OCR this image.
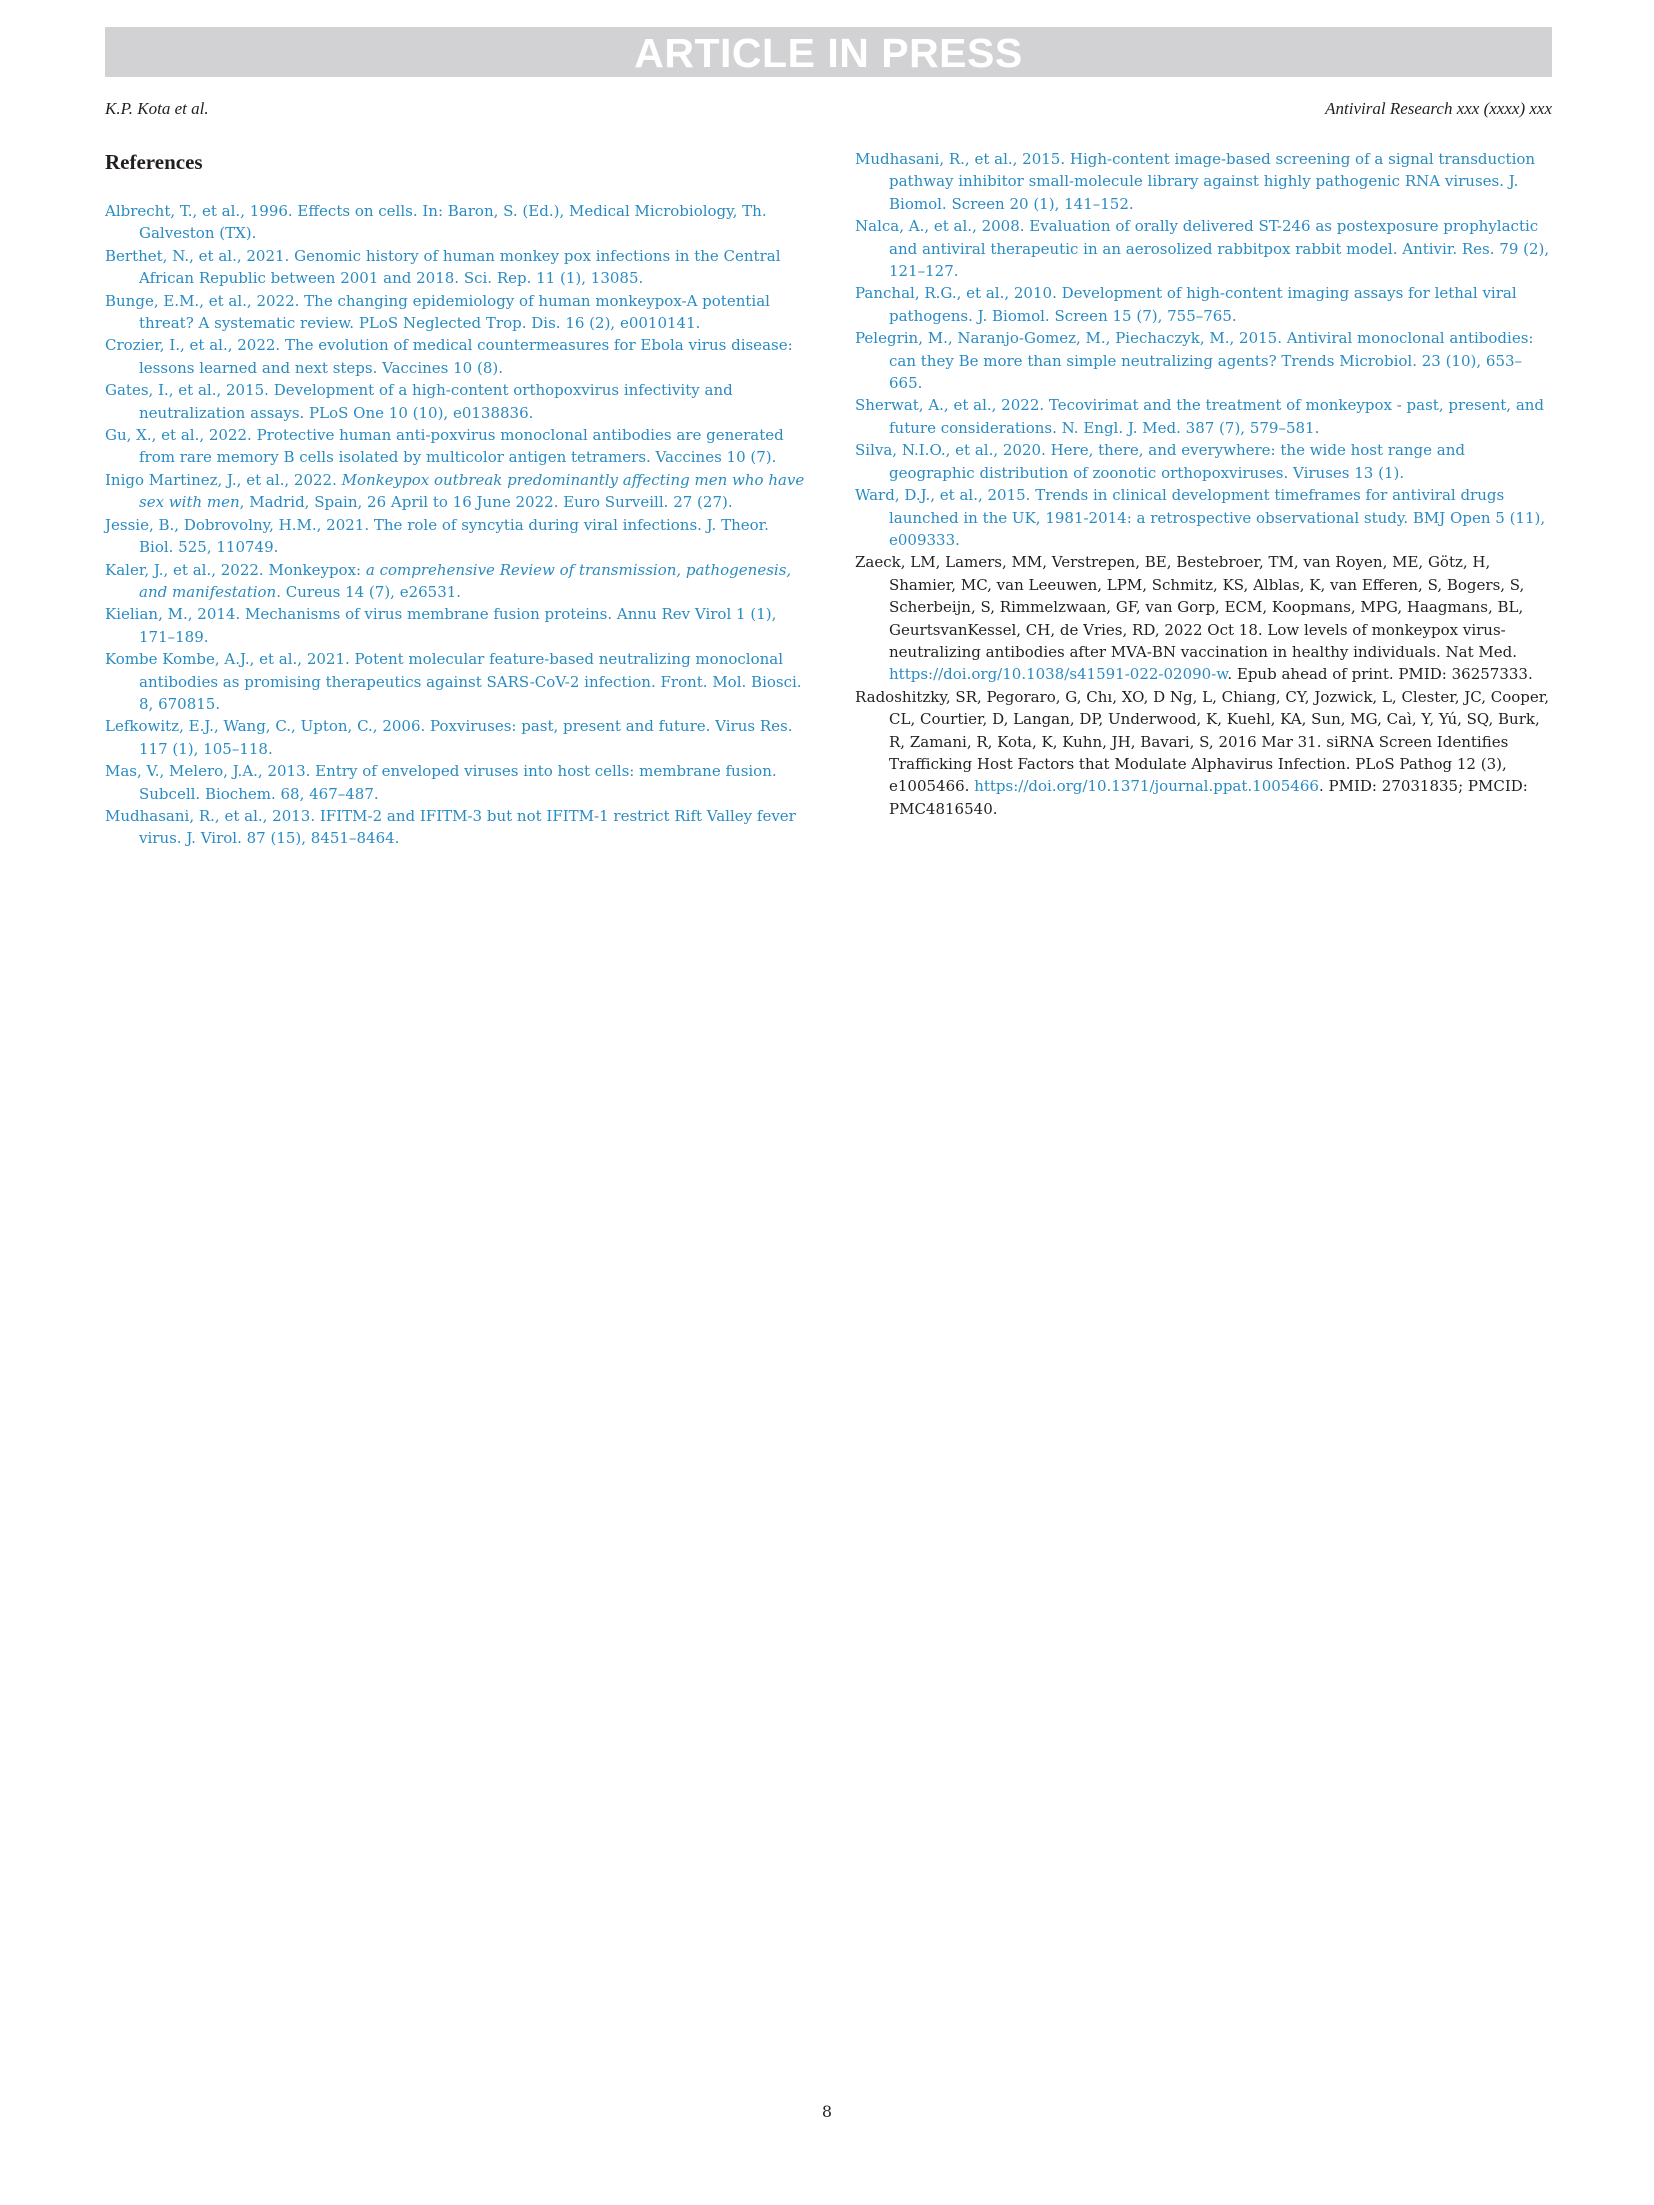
ARTICLE IN PRESS
K.P. Kota et al.	Antiviral Research xxx (xxxx) xxx
References
Albrecht, T., et al., 1996. Effects on cells. In: Baron, S. (Ed.), Medical Microbiology, Th. Galveston (TX).
Berthet, N., et al., 2021. Genomic history of human monkey pox infections in the Central African Republic between 2001 and 2018. Sci. Rep. 11 (1), 13085.
Bunge, E.M., et al., 2022. The changing epidemiology of human monkeypox-A potential threat? A systematic review. PLoS Neglected Trop. Dis. 16 (2), e0010141.
Crozier, I., et al., 2022. The evolution of medical countermeasures for Ebola virus disease: lessons learned and next steps. Vaccines 10 (8).
Gates, I., et al., 2015. Development of a high-content orthopoxvirus infectivity and neutralization assays. PLoS One 10 (10), e0138836.
Gu, X., et al., 2022. Protective human anti-poxvirus monoclonal antibodies are generated from rare memory B cells isolated by multicolor antigen tetramers. Vaccines 10 (7).
Inigo Martinez, J., et al., 2022. Monkeypox outbreak predominantly affecting men who have sex with men, Madrid, Spain, 26 April to 16 June 2022. Euro Surveill. 27 (27).
Jessie, B., Dobrovolny, H.M., 2021. The role of syncytia during viral infections. J. Theor. Biol. 525, 110749.
Kaler, J., et al., 2022. Monkeypox: a comprehensive Review of transmission, pathogenesis, and manifestation. Cureus 14 (7), e26531.
Kielian, M., 2014. Mechanisms of virus membrane fusion proteins. Annu Rev Virol 1 (1), 171–189.
Kombe Kombe, A.J., et al., 2021. Potent molecular feature-based neutralizing monoclonal antibodies as promising therapeutics against SARS-CoV-2 infection. Front. Mol. Biosci. 8, 670815.
Lefkowitz, E.J., Wang, C., Upton, C., 2006. Poxviruses: past, present and future. Virus Res. 117 (1), 105–118.
Mas, V., Melero, J.A., 2013. Entry of enveloped viruses into host cells: membrane fusion. Subcell. Biochem. 68, 467–487.
Mudhasani, R., et al., 2013. IFITM-2 and IFITM-3 but not IFITM-1 restrict Rift Valley fever virus. J. Virol. 87 (15), 8451–8464.
Mudhasani, R., et al., 2015. High-content image-based screening of a signal transduction pathway inhibitor small-molecule library against highly pathogenic RNA viruses. J. Biomol. Screen 20 (1), 141–152.
Nalca, A., et al., 2008. Evaluation of orally delivered ST-246 as postexposure prophylactic and antiviral therapeutic in an aerosolized rabbitpox rabbit model. Antivir. Res. 79 (2), 121–127.
Panchal, R.G., et al., 2010. Development of high-content imaging assays for lethal viral pathogens. J. Biomol. Screen 15 (7), 755–765.
Pelegrin, M., Naranjo-Gomez, M., Piechaczyk, M., 2015. Antiviral monoclonal antibodies: can they Be more than simple neutralizing agents? Trends Microbiol. 23 (10), 653–665.
Sherwat, A., et al., 2022. Tecovirimat and the treatment of monkeypox - past, present, and future considerations. N. Engl. J. Med. 387 (7), 579–581.
Silva, N.I.O., et al., 2020. Here, there, and everywhere: the wide host range and geographic distribution of zoonotic orthopoxviruses. Viruses 13 (1).
Ward, D.J., et al., 2015. Trends in clinical development timeframes for antiviral drugs launched in the UK, 1981-2014: a retrospective observational study. BMJ Open 5 (11), e009333.
Zaeck, LM, Lamers, MM, Verstrepen, BE, Bestebroer, TM, van Royen, ME, Götz, H, Shamier, MC, van Leeuwen, LPM, Schmitz, KS, Alblas, K, van Efferen, S, Bogers, S, Scherbeijn, S, Rimmelzwaan, GF, van Gorp, ECM, Koopmans, MPG, Haagmans, BL, GeurtsvanKessel, CH, de Vries, RD, 2022 Oct 18. Low levels of monkeypox virus-neutralizing antibodies after MVA-BN vaccination in healthy individuals. Nat Med. https://doi.org/10.1038/s41591-022-02090-w. Epub ahead of print. PMID: 36257333.
Radoshitzky, SR, Pegoraro, G, Chı, XO, D Ng, L, Chiang, CY, Jozwick, L, Clester, JC, Cooper, CL, Courtier, D, Langan, DP, Underwood, K, Kuehl, KA, Sun, MG, Caì, Y, Yú, SQ, Burk, R, Zamani, R, Kota, K, Kuhn, JH, Bavari, S, 2016 Mar 31. siRNA Screen Identifies Trafficking Host Factors that Modulate Alphavirus Infection. PLoS Pathog 12 (3), e1005466. https://doi.org/10.1371/journal.ppat.1005466. PMID: 27031835; PMCID: PMC4816540.
8
